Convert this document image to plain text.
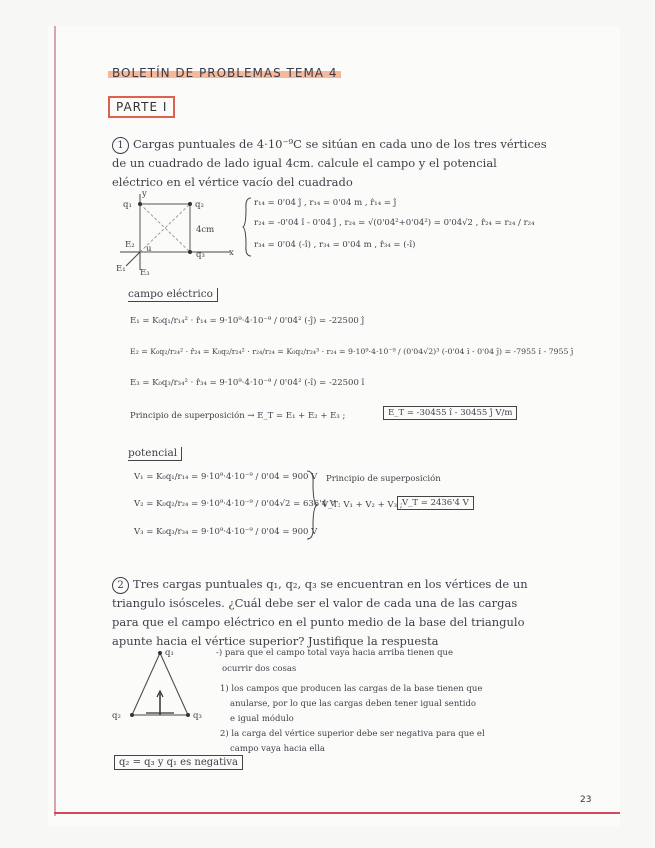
BOLETÍN DE PROBLEMAS TEMA 4
PARTE I
1 Cargas puntuales de 4·10⁻⁹C se sitúan en cada uno de los tres vértices
de un cuadrado de lado igual 4cm. calcule el campo y el potencial
eléctrico en el vértice vacío del cuadrado
q₁	q₂
q₃
y
x
4cm
E₂ u
E₁ E₃
r₁₄ = 0'04 ĵ , r₁₄ = 0'04 m , r̂₁₄ = ĵ
r₂₄ = -0'04 î - 0'04 ĵ , r₂₄ = √(0'04²+0'04²) = 0'04√2 , r̂₂₄ = r₂₄ / r₂₄
r₃₄ = 0'04 (-î) , r₃₄ = 0'04 m , r̂₃₄ = (-î)
campo eléctrico
E₁ = K₀q₁/r₁₄² · r̂₁₄ = 9·10⁹·4·10⁻⁹ / 0'04² (-ĵ) = -22500 ĵ
E₂ = K₀q₂/r₂₄² · r̂₂₄ = K₀q₂/r₂₄² · r₂₄/r₂₄ = K₀q₂/r₂₄³ · r₂₄ = 9·10⁹·4·10⁻⁹ / (0'04√2)³ (-0'04 î - 0'04 ĵ) = -7955 î - 7955 ĵ
E₃ = K₀q₃/r₃₄² · r̂₃₄ = 9·10⁹·4·10⁻⁹ / 0'04² (-î) = -22500 î
Principio de superposición → E_T = E₁ + E₂ + E₃ ;	E_T = -30455 î - 30455 ĵ V/m
potencial
V₁ = K₀q₁/r₁₄ = 9·10⁹·4·10⁻⁹ / 0'04 = 900 V
V₂ = K₀q₂/r₂₄ = 9·10⁹·4·10⁻⁹ / 0'04√2 = 636'4 V
V₃ = K₀q₃/r₃₄ = 9·10⁹·4·10⁻⁹ / 0'04 = 900 V
Principio de superposición
V_T: V₁ + V₂ + V₃ ; V_T = 2436'4 V
2 Tres cargas puntuales q₁, q₂, q₃ se encuentran en los vértices de un
triangulo isósceles. ¿Cuál debe ser el valor de cada una de las cargas
para que el campo eléctrico en el punto medio de la base del triangulo
apunte hacia el vértice superior? Justifique la respuesta
q₁
q₂	q₃
-) para que el campo total vaya hacia arriba tienen que
ocurrir dos cosas
1) los campos que producen las cargas de la base tienen que
anularse, por lo que las cargas deben tener igual sentido
e igual módulo
2) la carga del vértice superior debe ser negativa para que el
campo vaya hacia ella
q₂ = q₃ y q₁ es negativa
23
